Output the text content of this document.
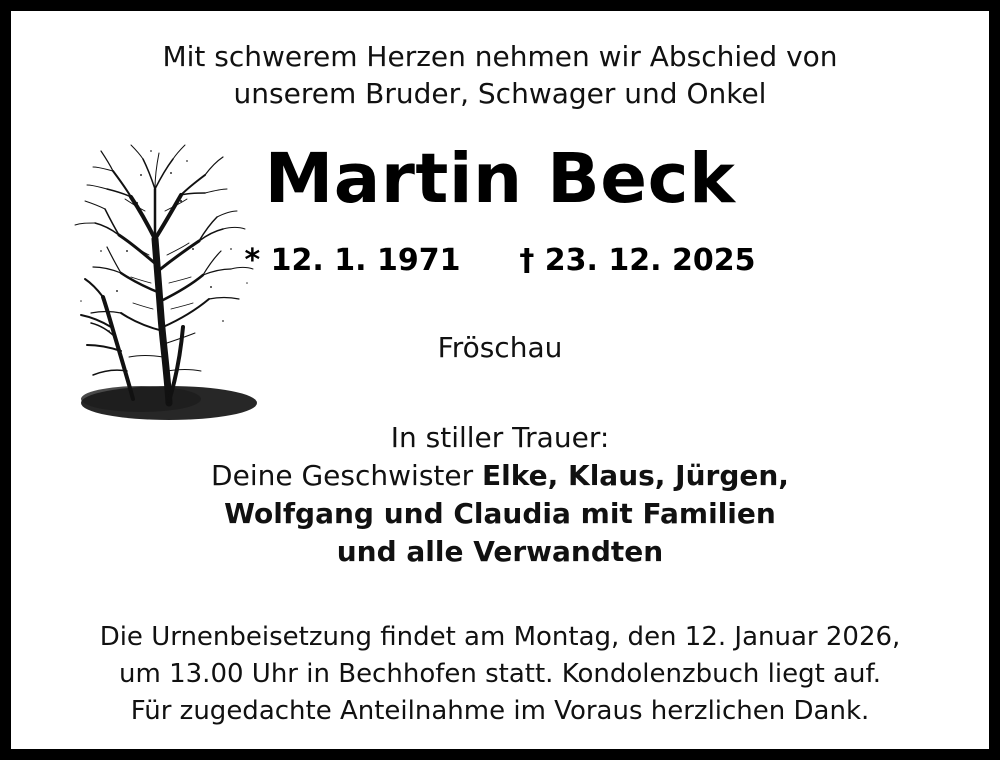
Mit schwerem Herzen nehmen wir Abschied von
unserem Bruder, Schwager und Onkel
Martin Beck
* 12. 1. 1971 † 23. 12. 2025
Fröschau
In stiller Trauer:
Deine Geschwister Elke, Klaus, Jürgen,
Wolfgang und Claudia mit Familien
und alle Verwandten
Die Urnenbeisetzung findet am Montag, den 12. Januar 2026,
um 13.00 Uhr in Bechhofen statt. Kondolenzbuch liegt auf.
Für zugedachte Anteilnahme im Voraus herzlichen Dank.
